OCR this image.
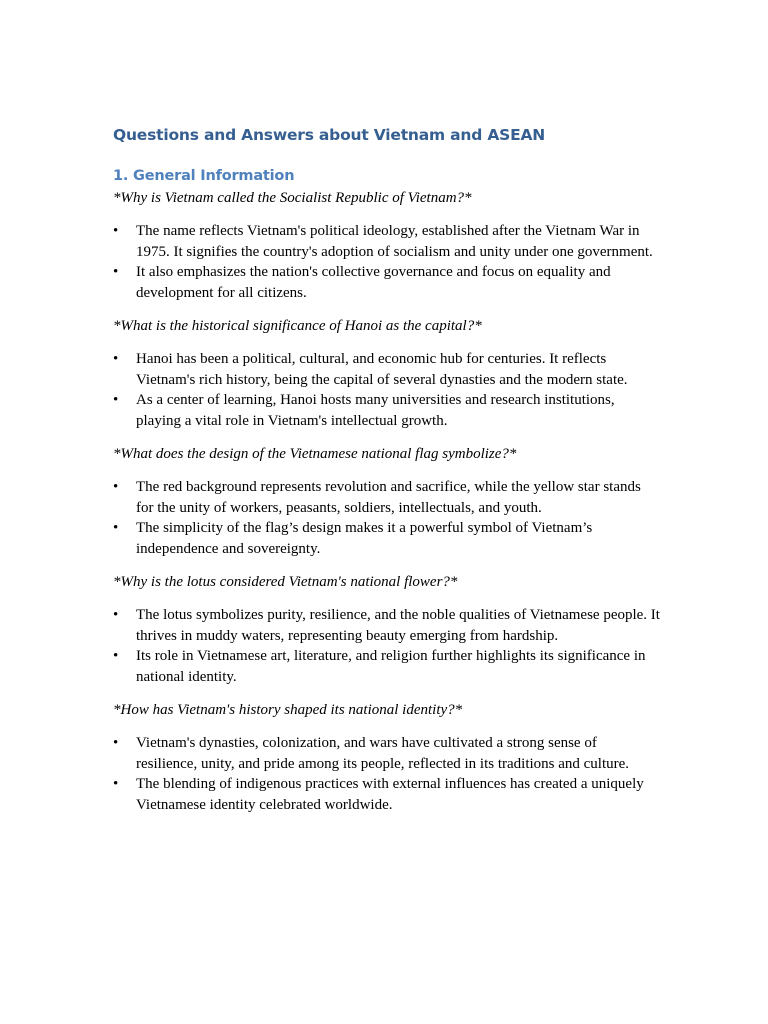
Questions and Answers about Vietnam and ASEAN
1. General Information

*Why is Vietnam called the Socialist Republic of Vietnam?*

• The name reflects Vietnam's political ideology, established after the Vietnam War in 1975. It signifies the country's adoption of socialism and unity under one government.
• It also emphasizes the nation's collective governance and focus on equality and development for all citizens.

*What is the historical significance of Hanoi as the capital?*

• Hanoi has been a political, cultural, and economic hub for centuries. It reflects Vietnam's rich history, being the capital of several dynasties and the modern state.
• As a center of learning, Hanoi hosts many universities and research institutions, playing a vital role in Vietnam's intellectual growth.

*What does the design of the Vietnamese national flag symbolize?*

• The red background represents revolution and sacrifice, while the yellow star stands for the unity of workers, peasants, soldiers, intellectuals, and youth.
• The simplicity of the flag’s design makes it a powerful symbol of Vietnam’s independence and sovereignty.

*Why is the lotus considered Vietnam's national flower?*

• The lotus symbolizes purity, resilience, and the noble qualities of Vietnamese people. It thrives in muddy waters, representing beauty emerging from hardship.
• Its role in Vietnamese art, literature, and religion further highlights its significance in national identity.

*How has Vietnam's history shaped its national identity?*

• Vietnam's dynasties, colonization, and wars have cultivated a strong sense of resilience, unity, and pride among its people, reflected in its traditions and culture.
• The blending of indigenous practices with external influences has created a uniquely Vietnamese identity celebrated worldwide.
